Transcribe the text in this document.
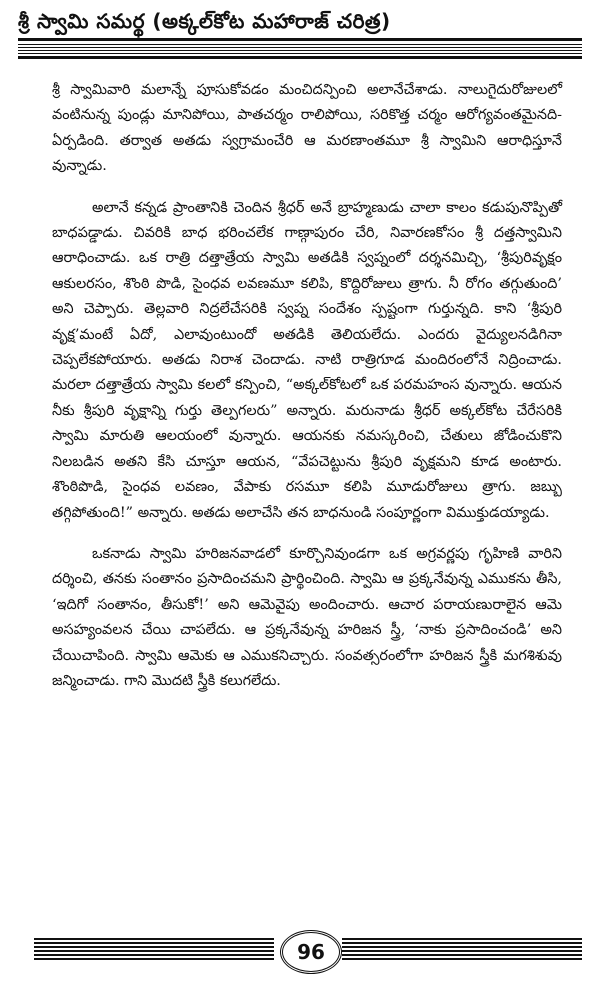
శ్రీ స్వామి సమర్థ (అక్కల్‌కోట మహారాజ్ చరిత్ర)

శ్రీ స్వామివారి మలాన్నే పూసుకోవడం మంచిదన్పించి అలానేచేశాడు. నాలుగైదురోజులలో వంటినున్న పుండ్లు మానిపోయి, పాతచర్మం రాలిపోయి, సరికొత్త చర్మం ఆరోగ్యవంతమైనది-ఏర్పడింది. తర్వాత అతడు స్వగ్రామంచేరి ఆ మరణాంతమూ శ్రీ స్వామిని ఆరాధిస్తూనే వున్నాడు.

అలానే కన్నడ ప్రాంతానికి చెందిన శ్రీధర్ అనే బ్రాహ్మణుడు చాలా కాలం కడుపునొప్పితో బాధపడ్డాడు. చివరికి బాధ భరించలేక గాణ్గాపురం చేరి, నివారణకోసం శ్రీ దత్తస్వామిని ఆరాధించాడు. ఒక రాత్రి దత్తాత్రేయ స్వామి అతడికి స్వప్నంలో దర్శనమిచ్చి, ‘శ్రీపురివృక్షం ఆకులరసం, శొంఠి పొడి, సైంధవ లవణమూ కలిపి, కొద్దిరోజులు త్రాగు. నీ రోగం తగ్గుతుంది’ అని చెప్పారు. తెల్లవారి నిద్రలేచేసరికి స్వప్న సందేశం స్పష్టంగా గుర్తున్నది. కాని ‘శ్రీపురి వృక్ష’మంటే ఏదో, ఎలావుంటుందో అతడికి తెలియలేదు. ఎందరు వైద్యులనడిగినా చెప్పలేకపోయారు. అతడు నిరాశ చెందాడు. నాటి రాత్రిగూడ మందిరంలోనే నిద్రించాడు. మరలా దత్తాత్రేయ స్వామి కలలో కన్పించి, “అక్కల్‌కోటలో ఒక పరమహంస వున్నారు. ఆయన నీకు శ్రీపురి వృక్షాన్ని గుర్తు తెల్పగలరు” అన్నారు. మరునాడు శ్రీధర్ అక్కల్‌కోట చేరేసరికి స్వామి మారుతి ఆలయంలో వున్నారు. ఆయనకు నమస్కరించి, చేతులు జోడించుకొని నిలబడిన అతని కేసి చూస్తూ ఆయన, “వేపచెట్టును శ్రీపురి వృక్షమని కూడ అంటారు. శొంఠిపొడి, సైంధవ లవణం, వేపాకు రసమూ కలిపి మూడురోజులు త్రాగు. జబ్బు తగ్గిపోతుంది!” అన్నారు. అతడు అలాచేసి తన బాధనుండి సంపూర్ణంగా విముక్తుడయ్యాడు.

ఒకనాడు స్వామి హరిజనవాడలో కూర్చొనివుండగా ఒక అగ్రవర్ణపు గృహిణి వారిని దర్శించి, తనకు సంతానం ప్రసాదించమని ప్రార్థించింది. స్వామి ఆ ప్రక్కనేవున్న ఎముకను తీసి, ‘ఇదిగో సంతానం, తీసుకో!’ అని ఆమెవైపు అందించారు. ఆచార పరాయణురాలైన ఆమె అసహ్యంవలన చేయి చాపలేదు. ఆ ప్రక్కనేవున్న హరిజన స్త్రీ, ‘నాకు ప్రసాదించండి’ అని చేయిచాపింది. స్వామి ఆమెకు ఆ ఎముకనిచ్చారు. సంవత్సరంలోగా హరిజన స్త్రీకి మగశిశువు జన్మించాడు. గాని మొదటి స్త్రీకి కలుగలేదు.

96
